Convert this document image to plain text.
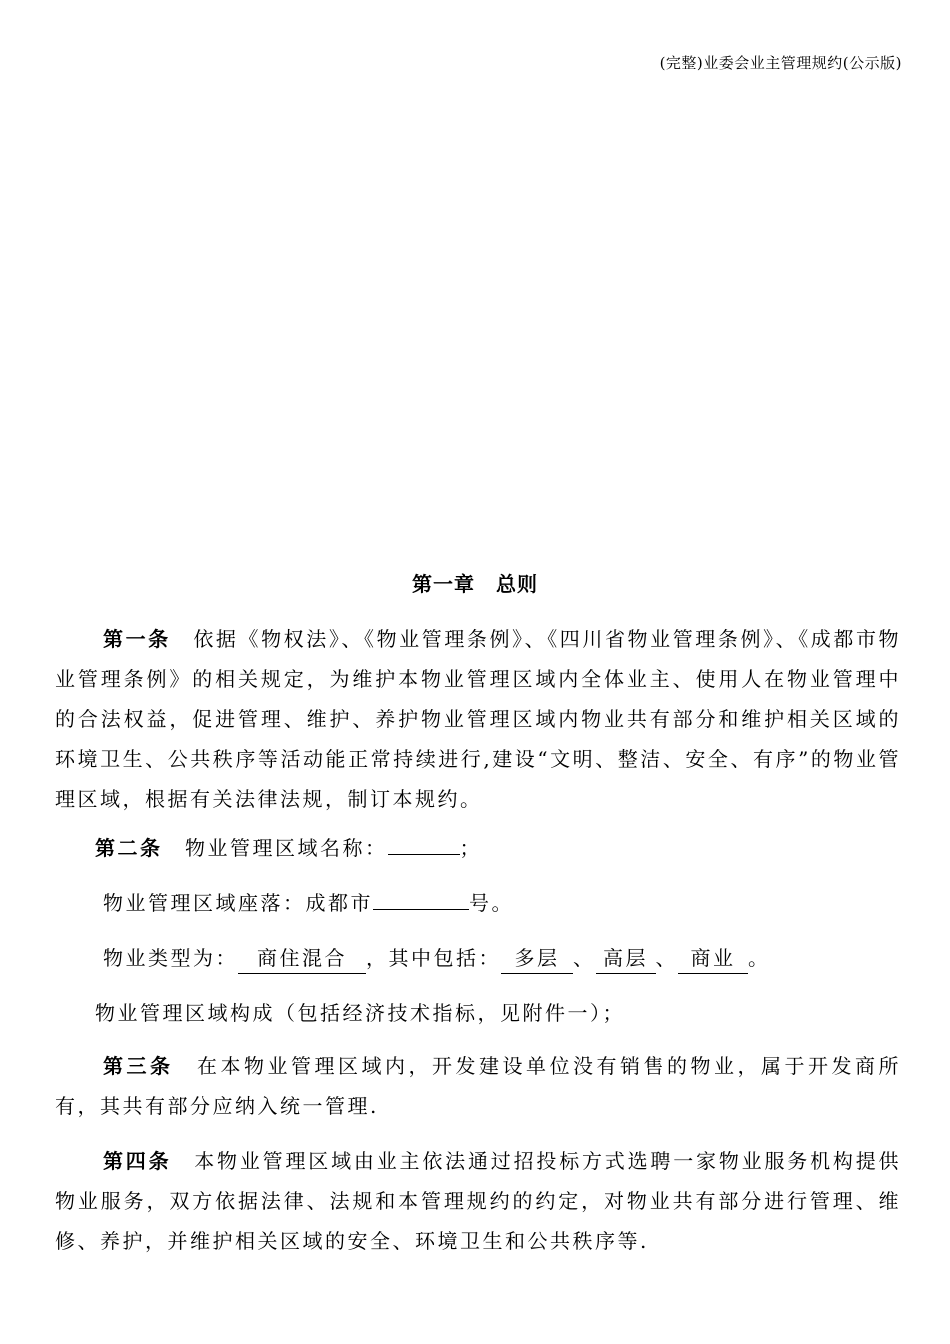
(完整)业委会业主管理规约(公示版)
第一章　总则
第一条　 依据《物权法》、《物业管理条例》、《四川省物业管理条例》、《成都市物业管理条例》的相关规定，为维护本物业管理区域内全体业主、使用人在物业管理中的合法权益，促进管理、维护、养护物业管理区域内物业共有部分和维护相关区域的环境卫生、公共秩序等活动能正常持续进行,建设“文明、整洁、安全、有序”的物业管理区域，根据有关法律法规，制订本规约。
第二条　 物业管理区域名称：	；
物业管理区域座落：成都市	号。
物业类型为： 商住混合 ，其中包括： 多层 、 高层 、 商业 。
物业管理区域构成（包括经济技术指标，见附件一）；
第三条　 在本物业管理区域内，开发建设单位没有销售的物业，属于开发商所有，其共有部分应纳入统一管理.
第四条　 本物业管理区域由业主依法通过招投标方式选聘一家物业服务机构提供物业服务，双方依据法律、法规和本管理规约的约定，对物业共有部分进行管理、维修、养护，并维护相关区域的安全、环境卫生和公共秩序等.
